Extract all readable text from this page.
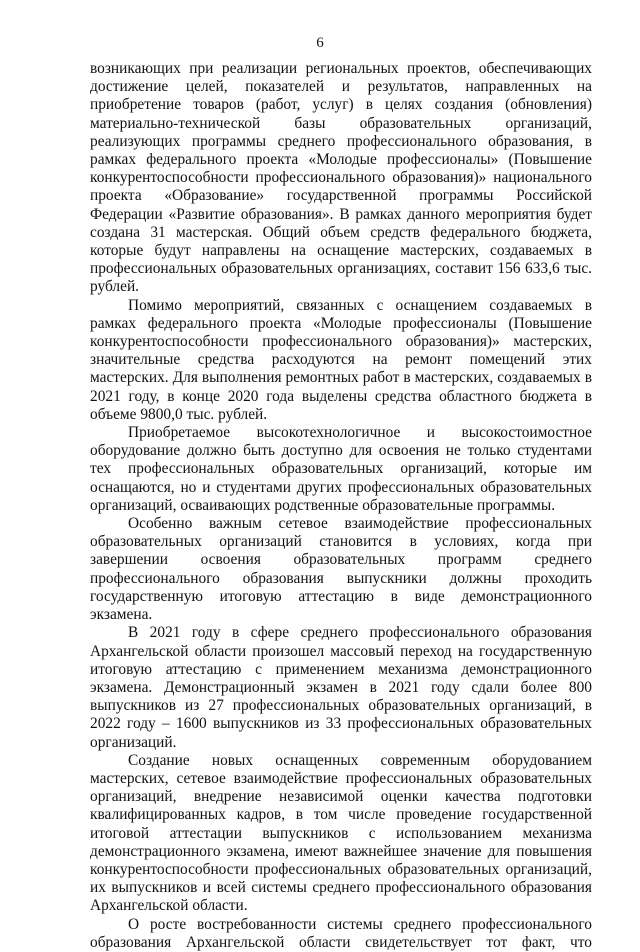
6

возникающих при реализации региональных проектов, обеспечивающих достижение целей, показателей и результатов, направленных на приобретение товаров (работ, услуг) в целях создания (обновления) материально-технической базы образовательных организаций, реализующих программы среднего профессионального образования, в рамках федерального проекта «Молодые профессионалы» (Повышение конкурентоспособности профессионального образования)» национального проекта «Образование» государственной программы Российской Федерации «Развитие образования». В рамках данного мероприятия будет создана 31 мастерская. Общий объем средств федерального бюджета, которые будут направлены на оснащение мастерских, создаваемых в профессиональных образовательных организациях, составит 156 633,6 тыс. рублей.

Помимо мероприятий, связанных с оснащением создаваемых в рамках федерального проекта «Молодые профессионалы (Повышение конкурентоспособности профессионального образования)» мастерских, значительные средства расходуются на ремонт помещений этих мастерских. Для выполнения ремонтных работ в мастерских, создаваемых в 2021 году, в конце 2020 года выделены средства областного бюджета в объеме 9800,0 тыс. рублей.

Приобретаемое высокотехнологичное и высокостоимостное оборудование должно быть доступно для освоения не только студентами тех профессиональных образовательных организаций, которые им оснащаются, но и студентами других профессиональных образовательных организаций, осваивающих родственные образовательные программы.

Особенно важным сетевое взаимодействие профессиональных образовательных организаций становится в условиях, когда при завершении освоения образовательных программ среднего профессионального образования выпускники должны проходить государственную итоговую аттестацию в виде демонстрационного экзамена.

В 2021 году в сфере среднего профессионального образования Архангельской области произошел массовый переход на государственную итоговую аттестацию с применением механизма демонстрационного экзамена. Демонстрационный экзамен в 2021 году сдали более 800 выпускников из 27 профессиональных образовательных организаций, в 2022 году – 1600 выпускников из 33 профессиональных образовательных организаций.

Создание новых оснащенных современным оборудованием мастерских, сетевое взаимодействие профессиональных образовательных организаций, внедрение независимой оценки качества подготовки квалифицированных кадров, в том числе проведение государственной итоговой аттестации выпускников с использованием механизма демонстрационного экзамена, имеют важнейшее значение для повышения конкурентоспособности профессиональных образовательных организаций, их выпускников и всей системы среднего профессионального образования Архангельской области.

О росте востребованности системы среднего профессионального образования Архангельской области свидетельствует тот факт, что
